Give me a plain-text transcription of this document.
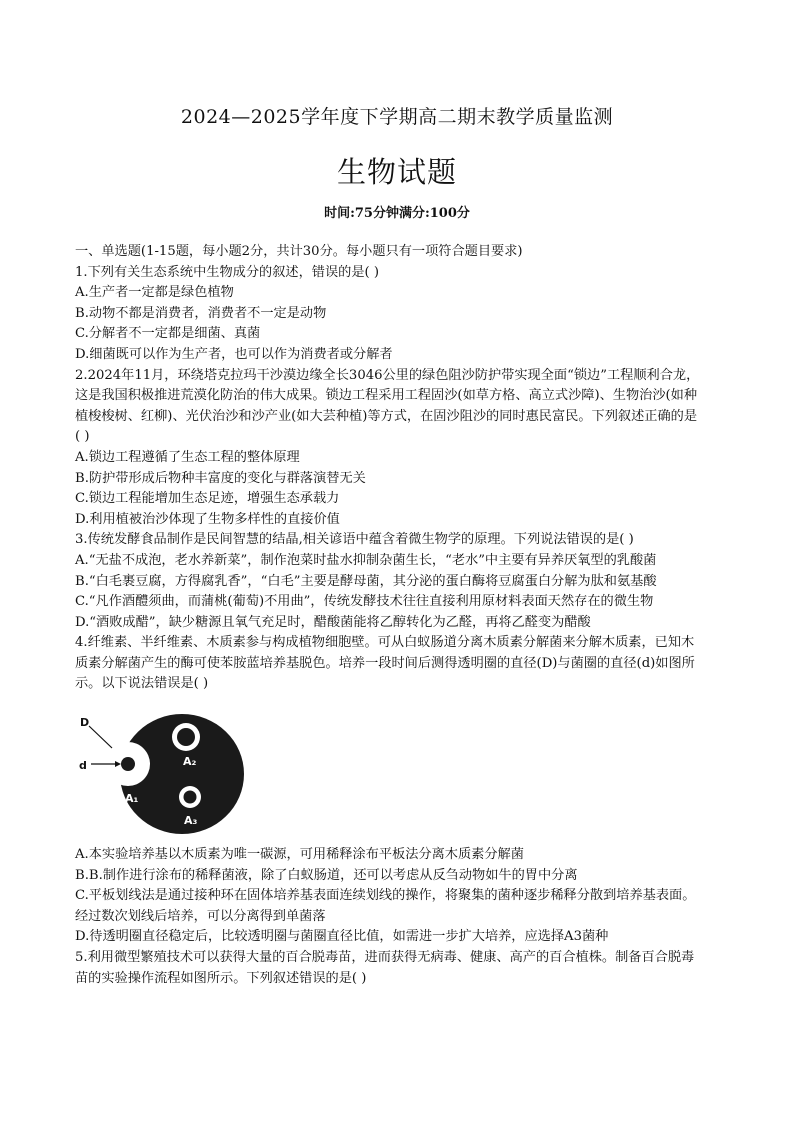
2024—2025学年度下学期高二期末教学质量监测
生物试题
时间:75分钟满分:100分

一、单选题(1-15题，每小题2分，共计30分。每小题只有一项符合题目要求)

1.下列有关生态系统中生物成分的叙述，错误的是( )

A.生产者一定都是绿色植物

B.动物不都是消费者，消费者不一定是动物

C.分解者不一定都是细菌、真菌

D.细菌既可以作为生产者，也可以作为消费者或分解者

2.2024年11月，环绕塔克拉玛干沙漠边缘全长3046公里的绿色阻沙防护带实现全面“锁边”工程顺利合龙，

这是我国积极推进荒漠化防治的伟大成果。锁边工程采用工程固沙(如草方格、高立式沙障)、生物治沙(如种

植梭梭树、红柳)、光伏治沙和沙产业(如大芸种植)等方式，在固沙阻沙的同时惠民富民。下列叙述正确的是

( )

A.锁边工程遵循了生态工程的整体原理

B.防护带形成后物种丰富度的变化与群落演替无关

C.锁边工程能增加生态足迹，增强生态承载力

D.利用植被治沙体现了生物多样性的直接价值

3.传统发酵食品制作是民间智慧的结晶,相关谚语中蕴含着微生物学的原理。下列说法错误的是( )

A.“无盐不成泡，老水养新菜”，制作泡菜时盐水抑制杂菌生长，“老水”中主要有异养厌氧型的乳酸菌

B.“白毛裹豆腐，方得腐乳香”，“白毛”主要是酵母菌，其分泌的蛋白酶将豆腐蛋白分解为肽和氨基酸

C.“凡作酒醴须曲，而蒲桃(葡萄)不用曲”，传统发酵技术往往直接利用原材料表面天然存在的微生物

D.“酒败成醋”，缺少糖源且氧气充足时，醋酸菌能将乙醇转化为乙醛，再将乙醛变为醋酸

4.纤维素、半纤维素、木质素参与构成植物细胞壁。可从白蚁肠道分离木质素分解菌来分解木质素，已知木

质素分解菌产生的酶可使苯胺蓝培养基脱色。培养一段时间后测得透明圈的直径(D)与菌圈的直径(d)如图所

示。以下说法错误是( )

D
d
A₁
A₂
A₃

A.本实验培养基以木质素为唯一碳源，可用稀释涂布平板法分离木质素分解菌

B.B.制作进行涂布的稀释菌液，除了白蚁肠道，还可以考虑从反刍动物如牛的胃中分离

C.平板划线法是通过接种环在固体培养基表面连续划线的操作，将聚集的菌种逐步稀释分散到培养基表面。

经过数次划线后培养，可以分离得到单菌落

D.待透明圈直径稳定后，比较透明圈与菌圈直径比值，如需进一步扩大培养，应选择A3菌种

5.利用微型繁殖技术可以获得大量的百合脱毒苗，进而获得无病毒、健康、高产的百合植株。制备百合脱毒

苗的实验操作流程如图所示。下列叙述错误的是( )
